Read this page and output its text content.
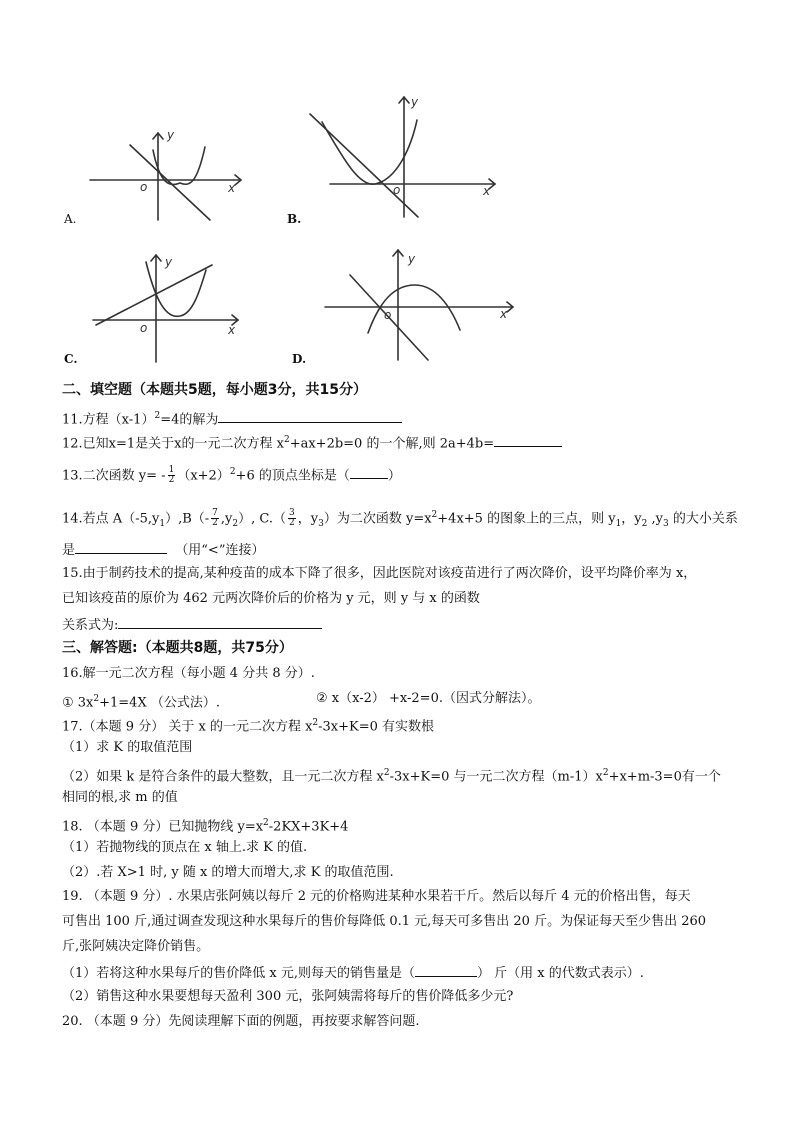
y
o	x
A.
y
o	x
B.
y
o	x
C.
y
o	x
D.
二、填空题（本题共5题，每小题3分，共15分）
11.方程$(x-1)^2=4$的解为
12.已知x=1是关于x的一元二次方程 $x^2+ax+2b=0$ 的一个解,则 2a+4b=
13.二次函数 $y= - \frac{1}{2} (x+2)^2+6$ 的顶点坐标是（	）
14.若点 $A(-5,y_1),B(- \frac{7}{2} ,y_2)$, $C.( \frac{3}{2}$ ，$y_3$）为二次函数 $y=x^2+4x+5$ 的图象上的三点，则 $y_1$，$y_2$ $,y_3$ 的大小关系
是	（用“<”连接）
15.由于制药技术的提高,某种疫苗的成本下降了很多，因此医院对该疫苗进行了两次降价，设平均降价率为 x，
已知该疫苗的原价为 462 元两次降价后的价格为 y 元，则 y 与 x 的函数
关系式为:
三、解答题:（本题共8题，共75分）
16.解一元二次方程（每小题 4 分共 8 分）.
① $3x^2+1=4X$ （公式法）.	② x（x-2） +x-2=0.（因式分解法）。
17.（本题 9 分） 关于 x 的一元二次方程 $x^2-3x+K=0$ 有实数根
（1）求 K 的取值范围
（2）如果 k 是符合条件的最大整数，且一元二次方程 $x^2-3x+K=0$ 与一元二次方程$(m-1)x^2+x+m-3=0$有一个
相同的根,求 m 的值
18. （本题 9 分）已知抛物线 $y=x^2-2KX+3K+4$
（1）若抛物线的顶点在 x 轴上.求 K 的值.
（2）.若 X>1 时, y 随 x 的增大而增大,求 K 的取值范围.
19. （本题 9 分）. 水果店张阿姨以每斤 2 元的价格购进某种水果若干斤。然后以每斤 4 元的价格出售，每天
可售出 100 斤,通过调查发现这种水果每斤的售价每降低 0.1 元,每天可多售出 20 斤。为保证每天至少售出 260
斤,张阿姨决定降价销售。
（1）若将这种水果每斤的售价降低 x 元,则每天的销售量是（	） 斤（用 x 的代数式表示）.
（2）销售这种水果要想每天盈利 300 元，张阿姨需将每斤的售价降低多少元?
20. （本题 9 分）先阅读理解下面的例题，再按要求解答问题.
